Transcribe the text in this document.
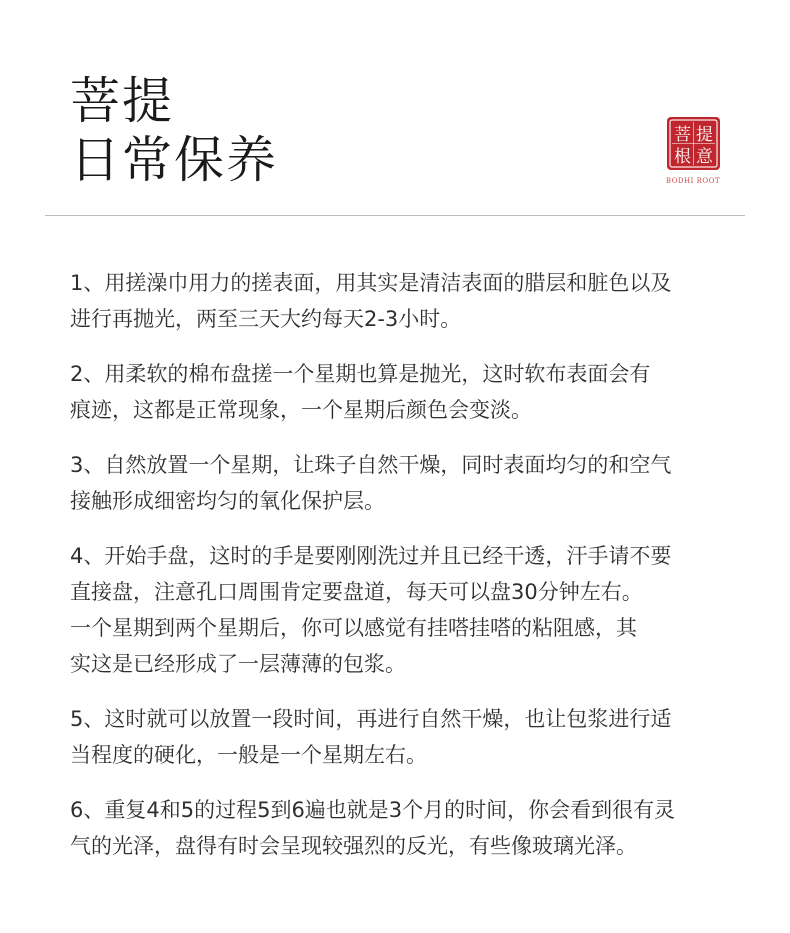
菩提
日常保养	菩 提
根 意
BODHI ROOT
1、用搓澡巾用力的搓表面，用其实是清洁表面的腊层和脏色以及
进行再抛光，两至三天大约每天2-3小时。
2、用柔软的棉布盘搓一个星期也算是抛光，这时软布表面会有
痕迹，这都是正常现象，一个星期后颜色会变淡。
3、自然放置一个星期，让珠子自然干燥，同时表面均匀的和空气
接触形成细密均匀的氧化保护层。
4、开始手盘，这时的手是要刚刚洗过并且已经干透，汗手请不要
直接盘，注意孔口周围肯定要盘道，每天可以盘30分钟左右。
一个星期到两个星期后，你可以感觉有挂嗒挂嗒的粘阻感，其
实这是已经形成了一层薄薄的包浆。
5、这时就可以放置一段时间，再进行自然干燥，也让包浆进行适
当程度的硬化，一般是一个星期左右。
6、重复4和5的过程5到6遍也就是3个月的时间，你会看到很有灵
气的光泽，盘得有时会呈现较强烈的反光，有些像玻璃光泽。
